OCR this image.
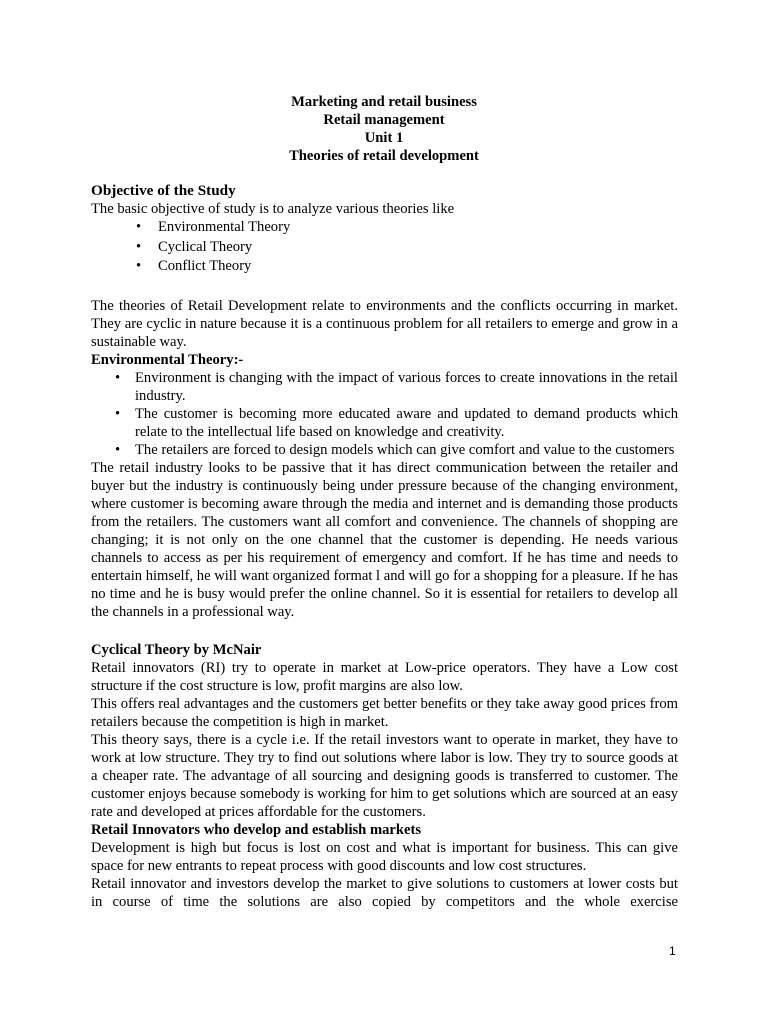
Marketing and retail business
Retail management
Unit 1
Theories of retail development
Objective of the Study

The basic objective of study is to analyze various theories like

• Environmental Theory
• Cyclical Theory
• Conflict Theory

The theories of Retail Development relate to environments and the conflicts occurring in market. They are cyclic in nature because it is a continuous problem for all retailers to emerge and grow in a sustainable way.

Environmental Theory:-
• Environment is changing with the impact of various forces to create innovations in the retail industry.
• The customer is becoming more educated aware and updated to demand products which relate to the intellectual life based on knowledge and creativity.
• The retailers are forced to design models which can give comfort and value to the customers

The retail industry looks to be passive that it has direct communication between the retailer and buyer but the industry is continuously being under pressure because of the changing environment, where customer is becoming aware through the media and internet and is demanding those products from the retailers. The customers want all comfort and convenience. The channels of shopping are changing; it is not only on the one channel that the customer is depending. He needs various channels to access as per his requirement of emergency and comfort. If he has time and needs to entertain himself, he will want organized format l and will go for a shopping for a pleasure. If he has no time and he is busy would prefer the online channel. So it is essential for retailers to develop all the channels in a professional way.

Cyclical Theory by McNair

Retail innovators (RI) try to operate in market at Low-price operators. They have a Low cost structure if the cost structure is low, profit margins are also low.

This offers real advantages and the customers get better benefits or they take away good prices from retailers because the competition is high in market.

This theory says, there is a cycle i.e. If the retail investors want to operate in market, they have to work at low structure. They try to find out solutions where labor is low. They try to source goods at a cheaper rate. The advantage of all sourcing and designing goods is transferred to customer. The customer enjoys because somebody is working for him to get solutions which are sourced at an easy rate and developed at prices affordable for the customers.

Retail Innovators who develop and establish markets

Development is high but focus is lost on cost and what is important for business. This can give space for new entrants to repeat process with good discounts and low cost structures.

Retail innovator and investors develop the market to give solutions to customers at lower costs but in course of time the solutions are also copied by competitors and the whole exercise

1
